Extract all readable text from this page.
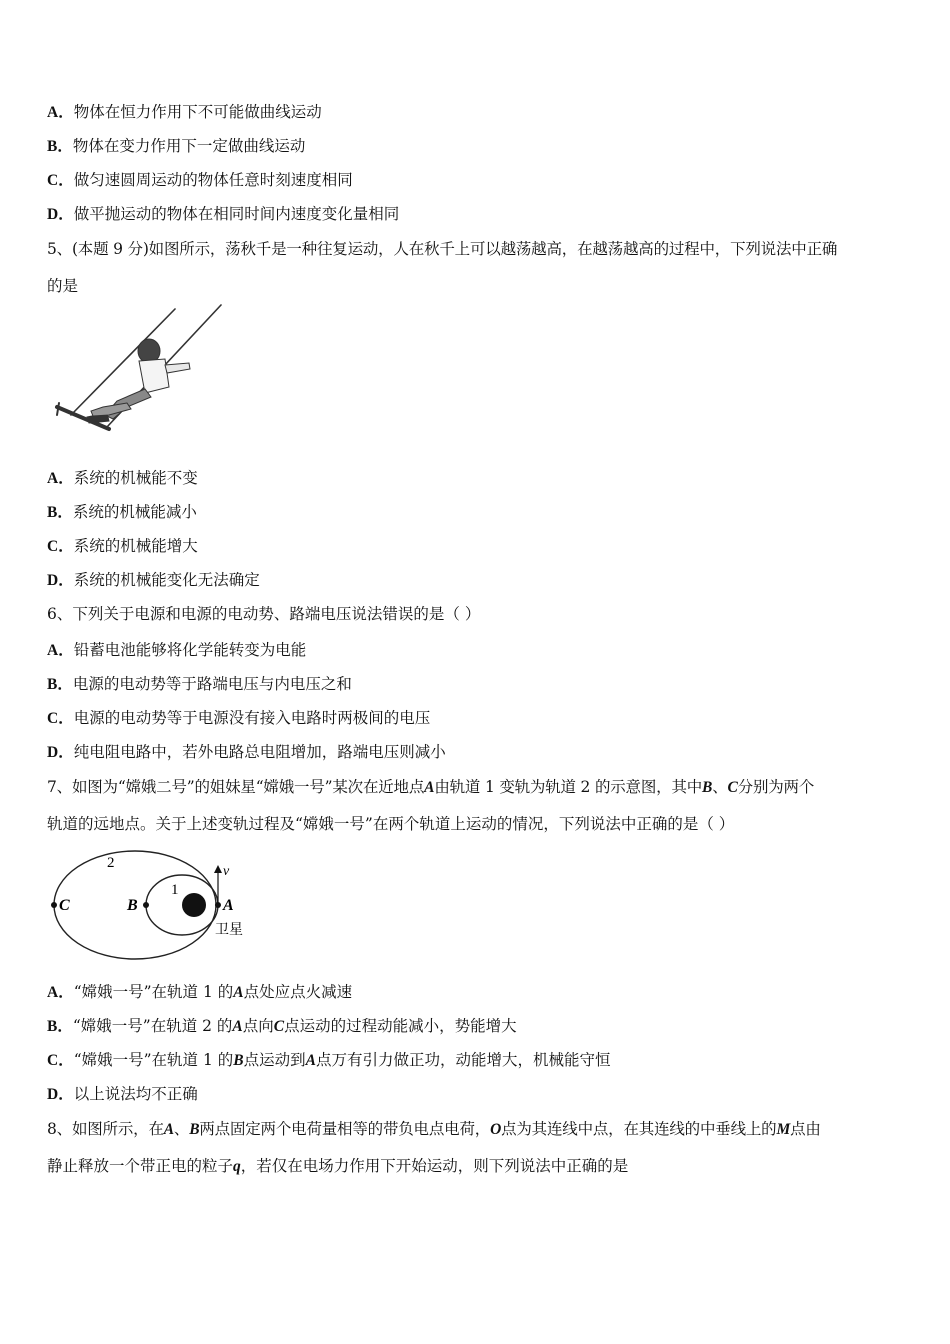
A．物体在恒力作用下不可能做曲线运动
B．物体在变力作用下一定做曲线运动
C．做匀速圆周运动的物体任意时刻速度相同
D．做平抛运动的物体在相同时间内速度变化量相同
5、(本题 9 分)如图所示，荡秋千是一种往复运动，人在秋千上可以越荡越高，在越荡越高的过程中，下列说法中正确
的是
A．系统的机械能不变
B．系统的机械能减小
C．系统的机械能增大
D．系统的机械能变化无法确定
6、下列关于电源和电源的电动势、路端电压说法错误的是（ ）
A．铅蓄电池能够将化学能转变为电能
B．电源的电动势等于路端电压与内电压之和
C．电源的电动势等于电源没有接入电路时两极间的电压
D．纯电阻电路中，若外电路总电阻增加，路端电压则减小
7、如图为“嫦娥二号”的姐妹星“嫦娥一号”某次在近地点A由轨道 1 变轨为轨道 2 的示意图，其中B、C分别为两个
轨道的远地点。关于上述变轨过程及“嫦娥一号”在两个轨道上运动的情况，下列说法中正确的是（ ）
2
1
C	B	A
v
卫星
A．“嫦娥一号”在轨道 1 的A点处应点火减速
B．“嫦娥一号”在轨道 2 的A点向C点运动的过程动能减小，势能增大
C．“嫦娥一号”在轨道 1 的B点运动到A点万有引力做正功，动能增大，机械能守恒
D．以上说法均不正确
8、如图所示，在A、B两点固定两个电荷量相等的带负电点电荷，O点为其连线中点，在其连线的中垂线上的M点由
静止释放一个带正电的粒子q，若仅在电场力作用下开始运动，则下列说法中正确的是
